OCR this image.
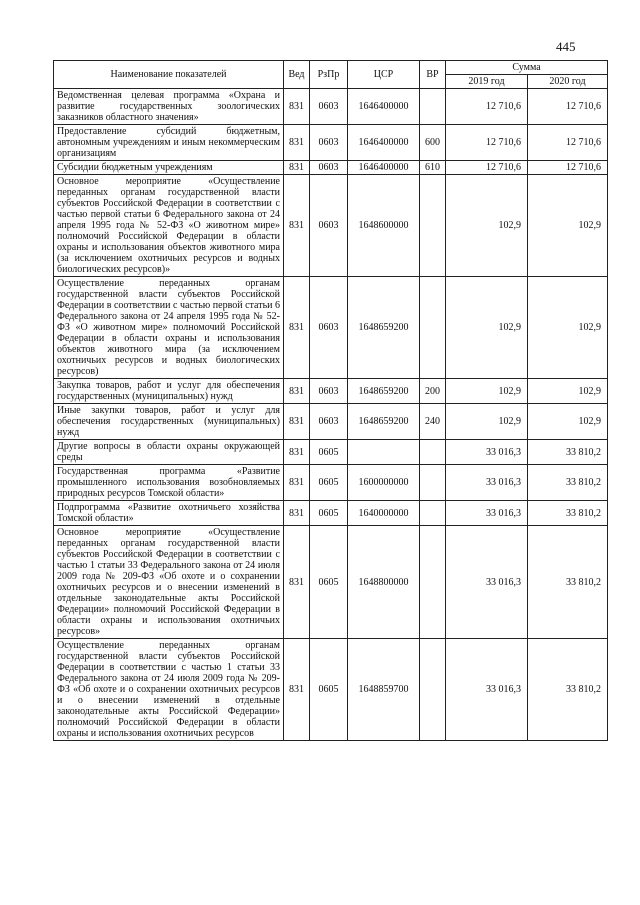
445
Наименование показателей	Вед	РзПр	ЦСР	ВР	Сумма	
					2019 год	2020 год
Ведомственная целевая программа «Охрана и развитие государственных зоологических заказников областного значения»	831	0603	1646400000		12 710,6	12 710,6
Предоставление субсидий бюджетным, автономным учреждениям и иным некоммерческим организациям	831	0603	1646400000	600	12 710,6	12 710,6
Субсидии бюджетным учреждениям	831	0603	1646400000	610	12 710,6	12 710,6
Основное мероприятие «Осуществление переданных органам государственной власти субъектов Российской Федерации в соответствии с частью первой статьи 6 Федерального закона от 24 апреля 1995 года № 52-ФЗ «О животном мире» полномочий Российской Федерации в области охраны и использования объектов животного мира (за исключением охотничьих ресурсов и водных биологических ресурсов)»	831	0603	1648600000		102,9	102,9
Осуществление переданных органам государственной власти субъектов Российской Федерации в соответствии с частью первой статьи 6 Федерального закона от 24 апреля 1995 года № 52-ФЗ «О животном мире» полномочий Российской Федерации в области охраны и использования объектов животного мира (за исключением охотничьих ресурсов и водных биологических ресурсов)	831	0603	1648659200		102,9	102,9
Закупка товаров, работ и услуг для обеспечения государственных (муниципальных) нужд	831	0603	1648659200	200	102,9	102,9
Иные закупки товаров, работ и услуг для обеспечения государственных (муниципальных) нужд	831	0603	1648659200	240	102,9	102,9
Другие вопросы в области охраны окружающей среды	831	0605			33 016,3	33 810,2
Государственная программа «Развитие промышленного использования возобновляемых природных ресурсов Томской области»	831	0605	1600000000		33 016,3	33 810,2
Подпрограмма «Развитие охотничьего хозяйства Томской области»	831	0605	1640000000		33 016,3	33 810,2
Основное мероприятие «Осуществление переданных органам государственной власти субъектов Российской Федерации в соответствии с частью 1 статьи 33 Федерального закона от 24 июля 2009 года № 209-ФЗ «Об охоте и о сохранении охотничьих ресурсов и о внесении изменений в отдельные законодательные акты Российской Федерации» полномочий Российской Федерации в области охраны и использования охотничьих ресурсов»	831	0605	1648800000		33 016,3	33 810,2
Осуществление переданных органам государственной власти субъектов Российской Федерации в соответствии с частью 1 статьи 33 Федерального закона от 24 июля 2009 года № 209-ФЗ «Об охоте и о сохранении охотничьих ресурсов и о внесении изменений в отдельные законодательные акты Российской Федерации» полномочий Российской Федерации в области охраны и использования охотничьих ресурсов	831	0605	1648859700		33 016,3	33 810,2
